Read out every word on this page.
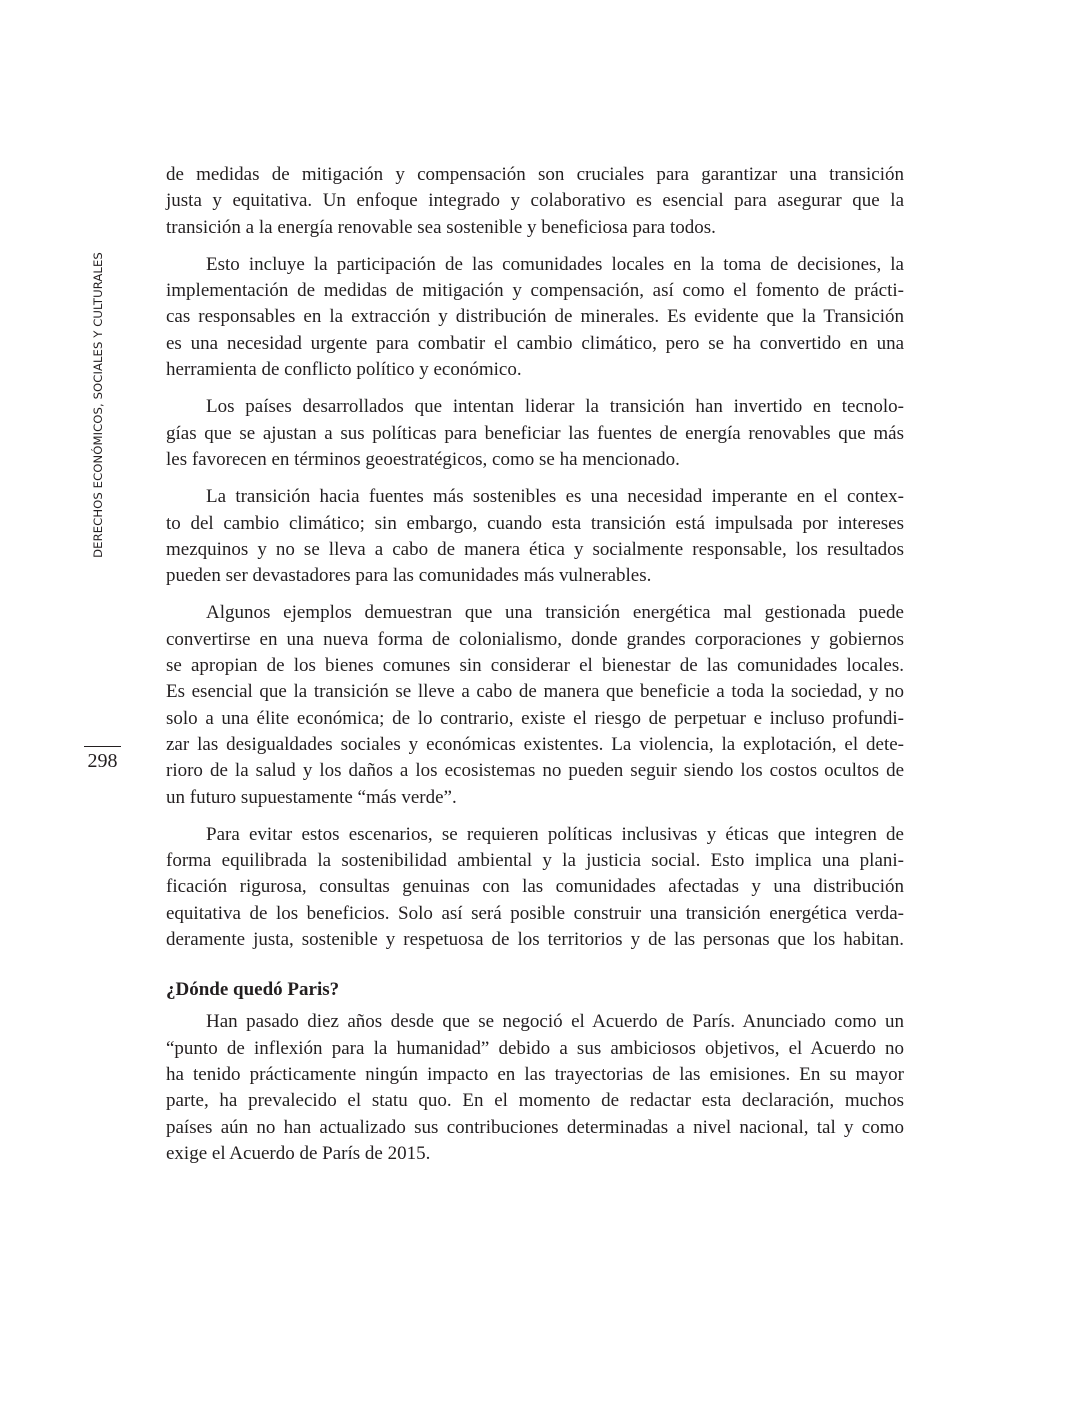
DERECHOS ECONÓMICOS, SOCIALES Y CULTURALES
298

de medidas de mitigación y compensación son cruciales para garantizar una transición
justa y equitativa. Un enfoque integrado y colaborativo es esencial para asegurar que la
transición a la energía renovable sea sostenible y beneficiosa para todos.

Esto incluye la participación de las comunidades locales en la toma de decisiones, la
implementación de medidas de mitigación y compensación, así como el fomento de prácti-
cas responsables en la extracción y distribución de minerales. Es evidente que la Transición
es una necesidad urgente para combatir el cambio climático, pero se ha convertido en una
herramienta de conflicto político y económico.

Los países desarrollados que intentan liderar la transición han invertido en tecnolo-
gías que se ajustan a sus políticas para beneficiar las fuentes de energía renovables que más
les favorecen en términos geoestratégicos, como se ha mencionado.

La transición hacia fuentes más sostenibles es una necesidad imperante en el contex-
to del cambio climático; sin embargo, cuando esta transición está impulsada por intereses
mezquinos y no se lleva a cabo de manera ética y socialmente responsable, los resultados
pueden ser devastadores para las comunidades más vulnerables.

Algunos ejemplos demuestran que una transición energética mal gestionada puede
convertirse en una nueva forma de colonialismo, donde grandes corporaciones y gobiernos
se apropian de los bienes comunes sin considerar el bienestar de las comunidades locales.
Es esencial que la transición se lleve a cabo de manera que beneficie a toda la sociedad, y no
solo a una élite económica; de lo contrario, existe el riesgo de perpetuar e incluso profundi-
zar las desigualdades sociales y económicas existentes. La violencia, la explotación, el dete-
rioro de la salud y los daños a los ecosistemas no pueden seguir siendo los costos ocultos de
un futuro supuestamente “más verde”.

Para evitar estos escenarios, se requieren políticas inclusivas y éticas que integren de
forma equilibrada la sostenibilidad ambiental y la justicia social. Esto implica una plani-
ficación rigurosa, consultas genuinas con las comunidades afectadas y una distribución
equitativa de los beneficios. Solo así será posible construir una transición energética verda-
deramente justa, sostenible y respetuosa de los territorios y de las personas que los habitan.

¿Dónde quedó Paris?

Han pasado diez años desde que se negoció el Acuerdo de París. Anunciado como un
“punto de inflexión para la humanidad” debido a sus ambiciosos objetivos, el Acuerdo no
ha tenido prácticamente ningún impacto en las trayectorias de las emisiones. En su mayor
parte, ha prevalecido el statu quo. En el momento de redactar esta declaración, muchos
países aún no han actualizado sus contribuciones determinadas a nivel nacional, tal y como
exige el Acuerdo de París de 2015.
